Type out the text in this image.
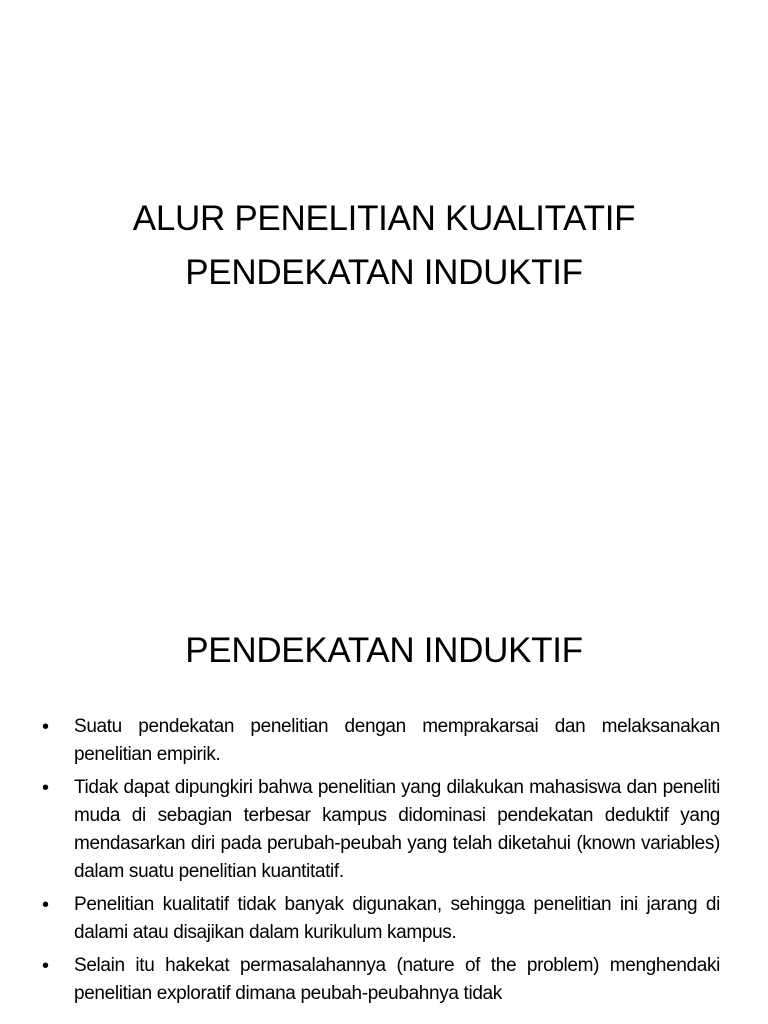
ALUR PENELITIAN KUALITATIF
PENDEKATAN INDUKTIF
PENDEKATAN INDUKTIF
• Suatu pendekatan penelitian dengan memprakarsai dan melaksanakan penelitian empirik.
• Tidak dapat dipungkiri bahwa penelitian yang dilakukan mahasiswa dan peneliti muda di sebagian terbesar kampus didominasi pendekatan deduktif yang mendasarkan diri pada perubah-peubah yang telah diketahui (known variables) dalam suatu penelitian kuantitatif.
• Penelitian kualitatif tidak banyak digunakan, sehingga penelitian ini jarang di dalami atau disajikan dalam kurikulum kampus.
• Selain itu hakekat permasalahannya (nature of the problem) menghendaki penelitian exploratif dimana peubah-peubahnya tidak
